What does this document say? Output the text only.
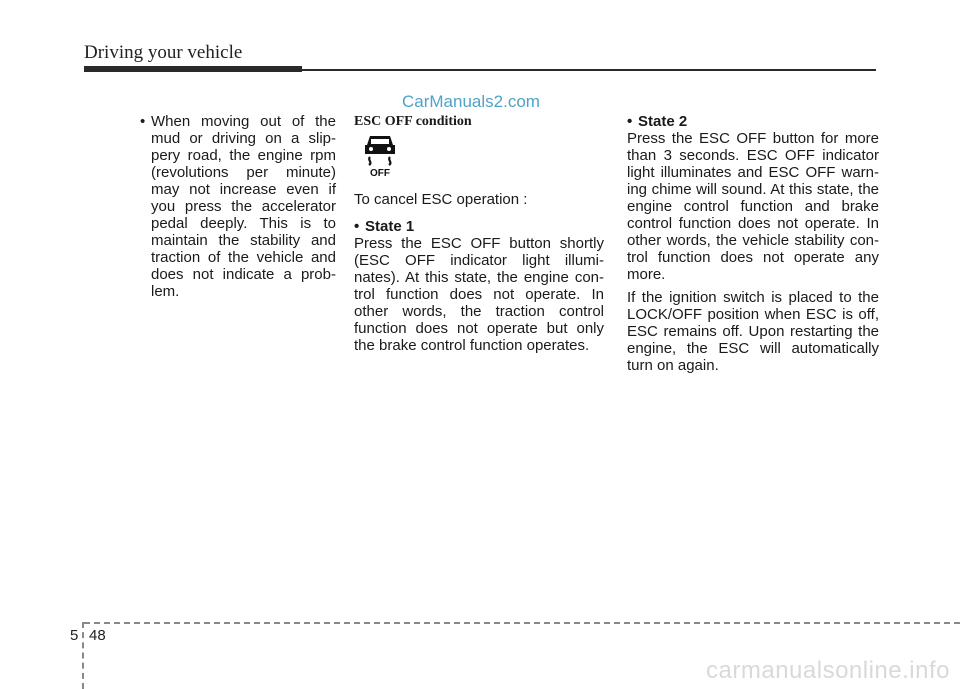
Driving your vehicle
CarManuals2.com

• When moving out of the mud or driving on a slip-pery road, the engine rpm (revolutions per minute) may not increase even if you press the accelerator pedal deeply. This is to maintain the stability and traction of the vehicle and does not indicate a prob-lem.

ESC OFF condition

OFF

To cancel ESC operation :

• State 1

Press the ESC OFF button shortly (ESC OFF indicator light illumi-nates). At this state, the engine con-trol function does not operate. In other words, the traction control function does not operate but only the brake control function operates.

• State 2

Press the ESC OFF button for more than 3 seconds. ESC OFF indicator light illuminates and ESC OFF warn-ing chime will sound. At this state, the engine control function and brake control function does not operate. In other words, the vehicle stability con-trol function does not operate any more.

If the ignition switch is placed to the LOCK/OFF position when ESC is off, ESC remains off. Upon restarting the engine, the ESC will automatically turn on again.

5 48
carmanualsonline.info
